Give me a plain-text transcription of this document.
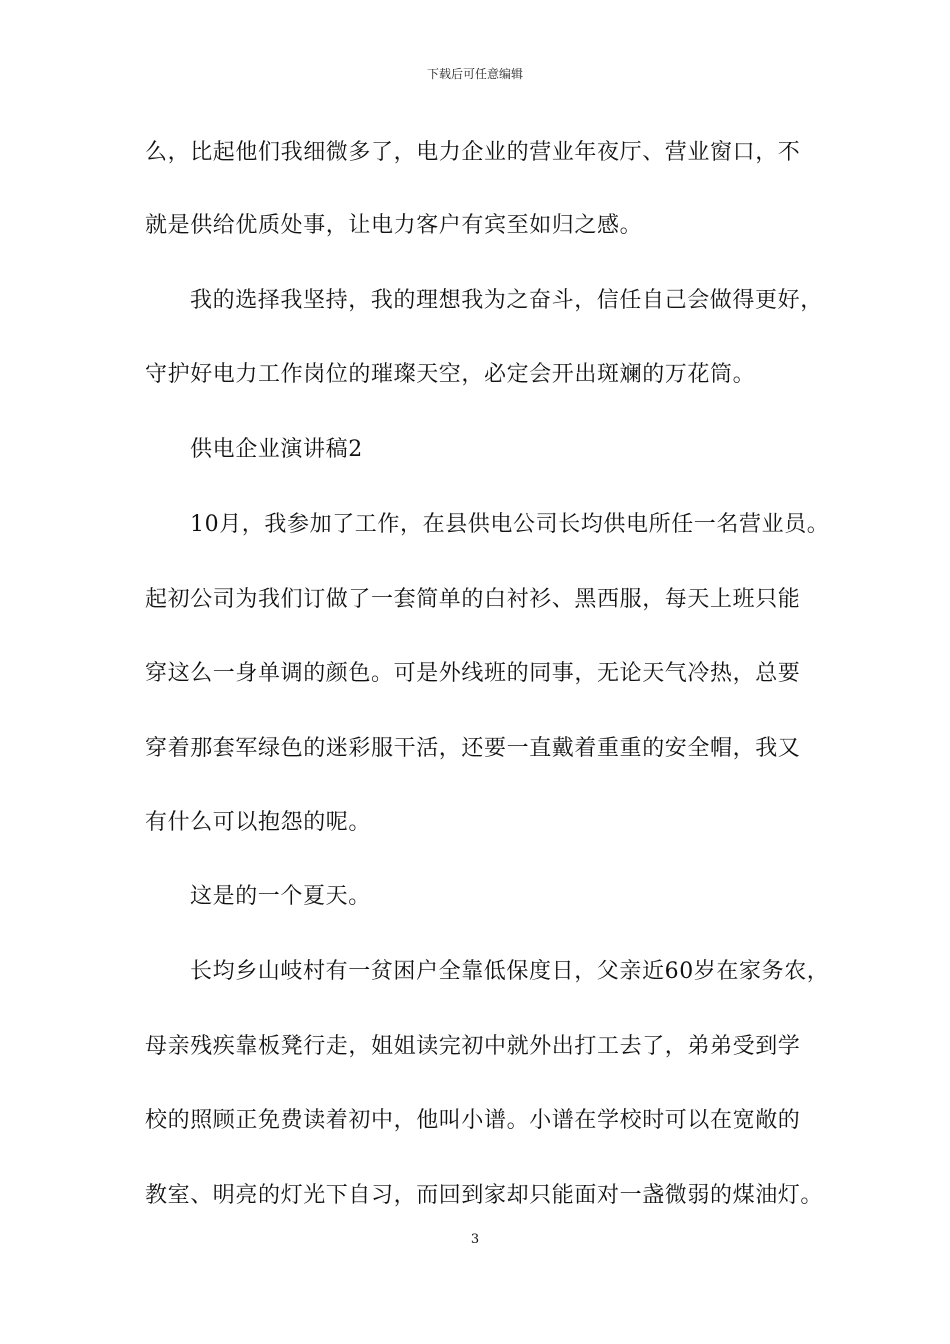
下载后可任意编辑
么，比起他们我细微多了，电力企业的营业年夜厅、营业窗口，不
就是供给优质处事，让电力客户有宾至如归之感。
我的选择我坚持，我的理想我为之奋斗，信任自己会做得更好，
守护好电力工作岗位的璀璨天空，必定会开出斑斓的万花筒。
供电企业演讲稿2
10月，我参加了工作，在县供电公司长均供电所任一名营业员。
起初公司为我们订做了一套简单的白衬衫、黑西服，每天上班只能
穿这么一身单调的颜色。可是外线班的同事，无论天气冷热，总要
穿着那套军绿色的迷彩服干活，还要一直戴着重重的安全帽，我又
有什么可以抱怨的呢。
这是的一个夏天。
长均乡山岐村有一贫困户全靠低保度日，父亲近60岁在家务农，
母亲残疾靠板凳行走，姐姐读完初中就外出打工去了，弟弟受到学
校的照顾正免费读着初中，他叫小谱。小谱在学校时可以在宽敞的
教室、明亮的灯光下自习，而回到家却只能面对一盏微弱的煤油灯。
3
